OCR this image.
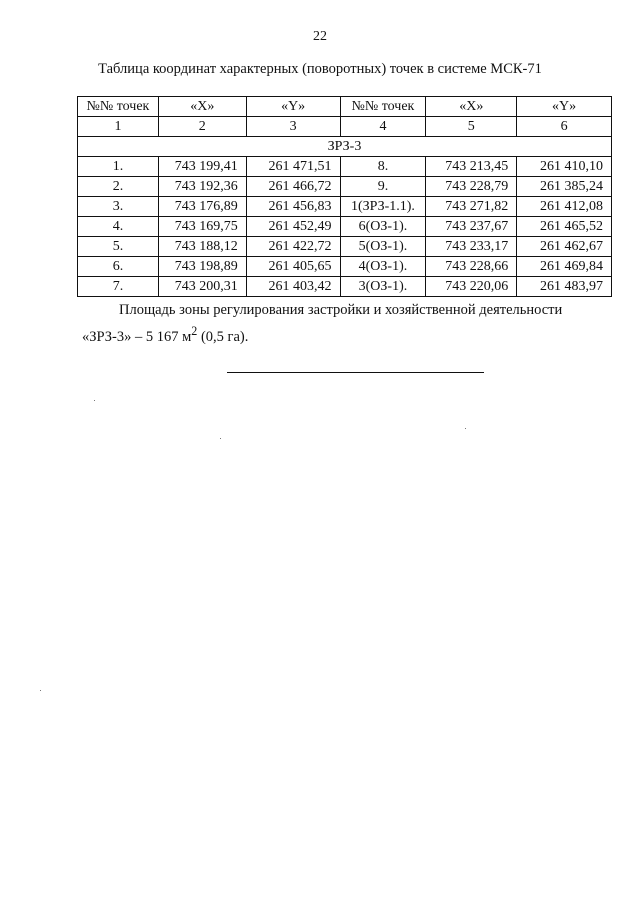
22
Таблица координат характерных (поворотных) точек в системе МСК-71
№№ точек	«X»	«Y»	№№ точек	«X»	«Y»
1	2	3	4	5	6
ЗРЗ-3					
1.	743 199,41	261 471,51	8.	743 213,45	261 410,10
2.	743 192,36	261 466,72	9.	743 228,79	261 385,24
3.	743 176,89	261 456,83	1(ЗРЗ-1.1).	743 271,82	261 412,08
4.	743 169,75	261 452,49	6(ОЗ-1).	743 237,67	261 465,52
5.	743 188,12	261 422,72	5(ОЗ-1).	743 233,17	261 462,67
6.	743 198,89	261 405,65	4(ОЗ-1).	743 228,66	261 469,84
7.	743 200,31	261 403,42	3(ОЗ-1).	743 220,06	261 483,97
Площадь зоны регулирования застройки и хозяйственной деятельности
«ЗРЗ-3» – 5 167 $м^2$ (0,5 га).
